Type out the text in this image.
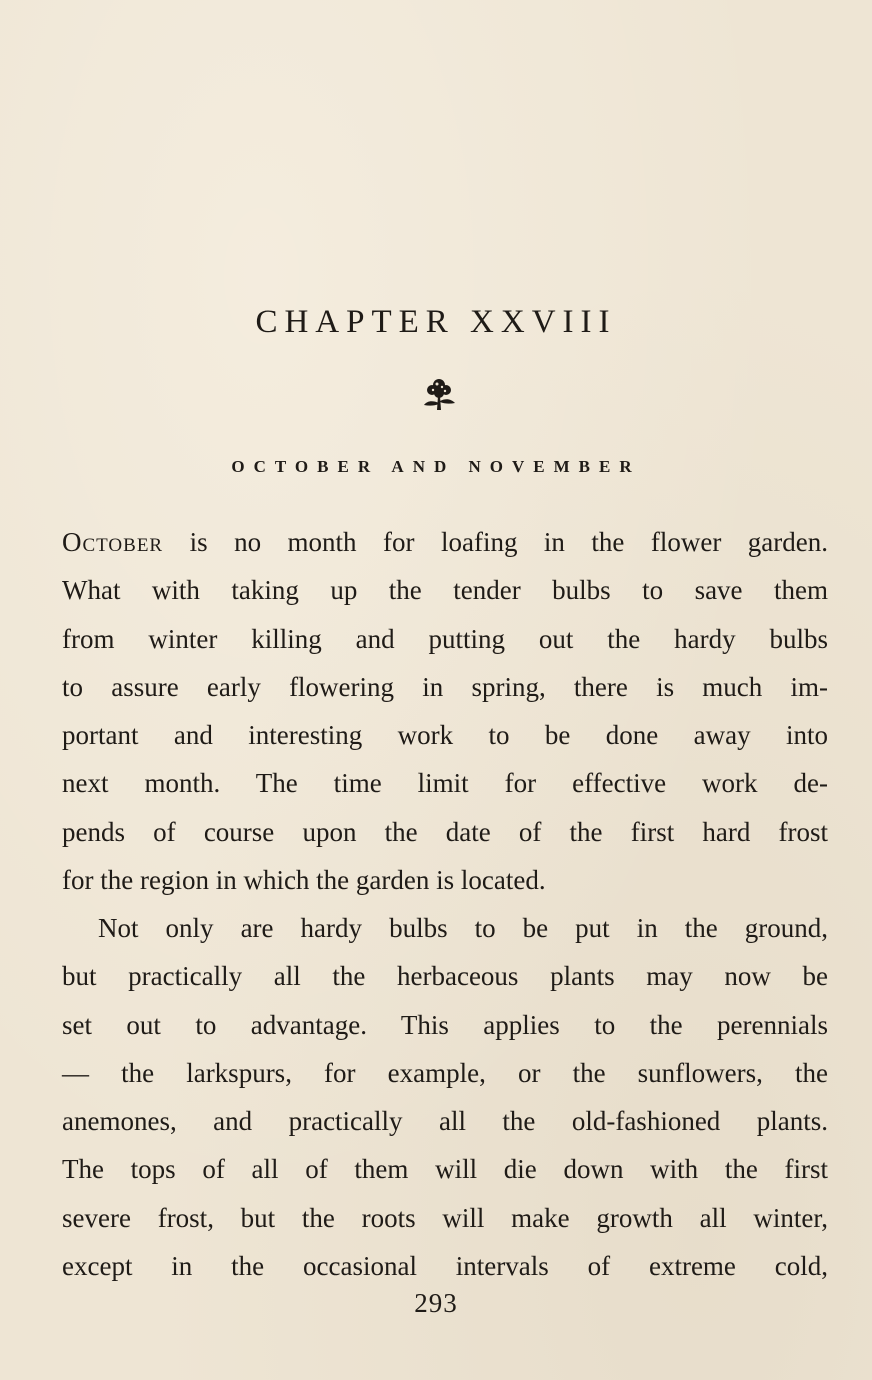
CHAPTER XXVIII
OCTOBER AND NOVEMBER
October is no month for loafing in the flower garden.
What with taking up the tender bulbs to save them
from winter killing and putting out the hardy bulbs
to assure early flowering in spring, there is much im-
portant and interesting work to be done away into
next month. The time limit for effective work de-
pends of course upon the date of the first hard frost
for the region in which the garden is located.
Not only are hardy bulbs to be put in the ground,
but practically all the herbaceous plants may now be
set out to advantage. This applies to the perennials
— the larkspurs, for example, or the sunflowers, the
anemones, and practically all the old-fashioned plants.
The tops of all of them will die down with the first
severe frost, but the roots will make growth all winter,
except in the occasional intervals of extreme cold,
293
